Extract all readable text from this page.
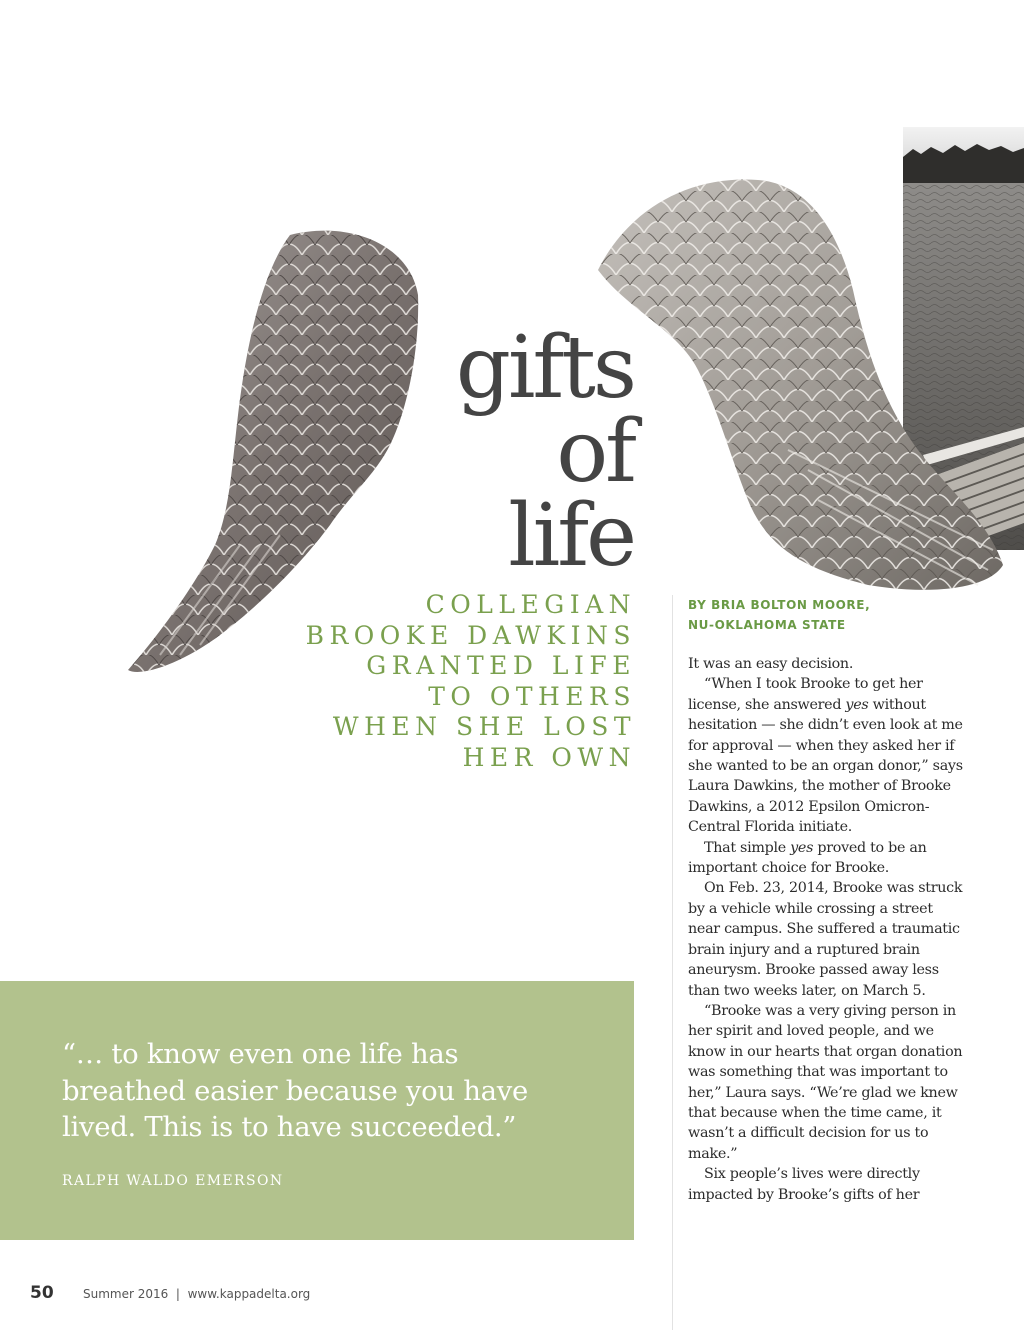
gifts
of
life
COLLEGIAN
BROOKE DAWKINS
GRANTED LIFE
TO OTHERS
WHEN SHE LOST
HER OWN
BY BRIA BOLTON MOORE,
NU-OKLAHOMA STATE

It was an easy decision.

“When I took Brooke to get her license, she answered yes without hesitation — she didn’t even look at me for approval — when they asked her if she wanted to be an organ donor,” says Laura Dawkins, the mother of Brooke Dawkins, a 2012 Epsilon Omicron-Central Florida initiate.

That simple yes proved to be an important choice for Brooke.

On Feb. 23, 2014, Brooke was struck by a vehicle while crossing a street near campus. She suffered a traumatic brain injury and a ruptured brain aneurysm. Brooke passed away less than two weeks later, on March 5.

“Brooke was a very giving person in her spirit and loved people, and we know in our hearts that organ donation was something that was important to her,” Laura says. “We’re glad we knew that because when the time came, it wasn’t a difficult decision for us to make.”

Six people’s lives were directly impacted by Brooke’s gifts of her

“… to know even one life has breathed easier because you have lived. This is to have succeeded.”

RALPH WALDO EMERSON
50 Summer 2016  |  www.kappadelta.org
